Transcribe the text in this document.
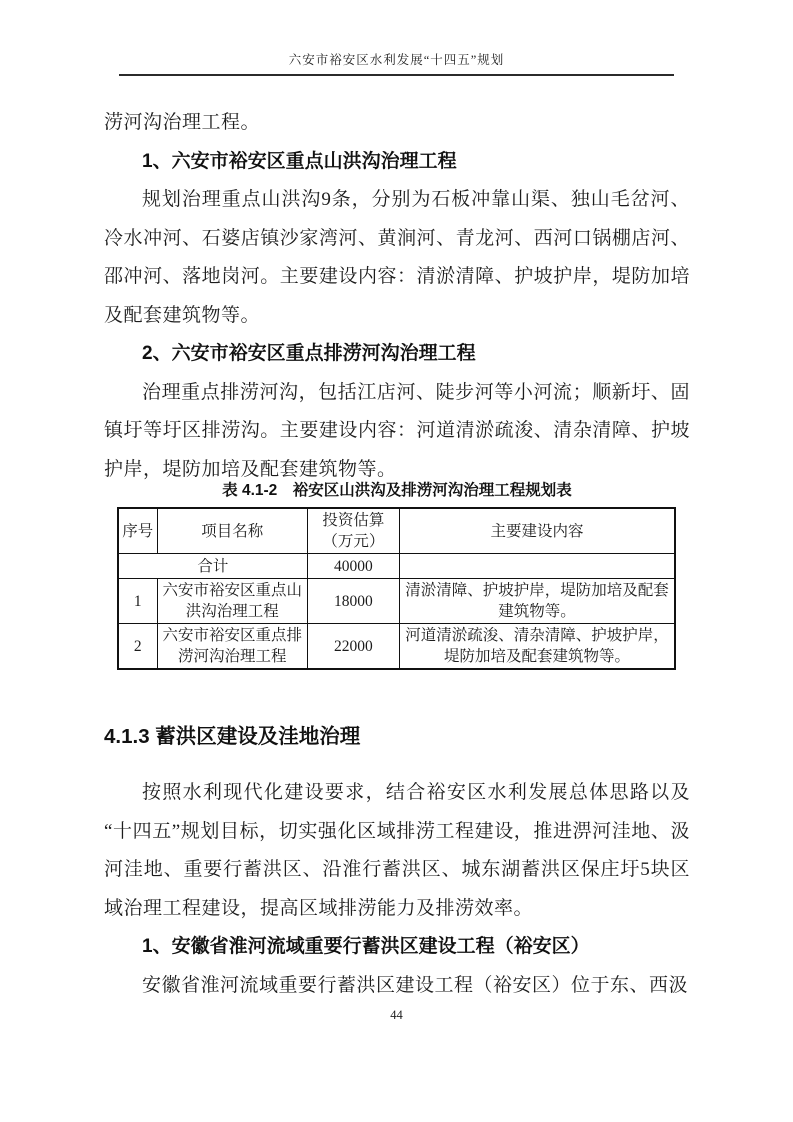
六安市裕安区水利发展“十四五”规划

涝河沟治理工程。

1、六安市裕安区重点山洪沟治理工程

规划治理重点山洪沟9条，分别为石板冲靠山渠、独山毛岔河、冷水冲河、石婆店镇沙家湾河、黄涧河、青龙河、西河口锅棚店河、邵冲河、落地岗河。主要建设内容：清淤清障、护坡护岸，堤防加培及配套建筑物等。

2、六安市裕安区重点排涝河沟治理工程

治理重点排涝河沟，包括江店河、陡步河等小河流；顺新圩、固镇圩等圩区排涝沟。主要建设内容：河道清淤疏浚、清杂清障、护坡护岸，堤防加培及配套建筑物等。

表 4.1-2　裕安区山洪沟及排涝河沟治理工程规划表

序号	项目名称	投资估算（万元）	主要建设内容
合计		40000	
1	六安市裕安区重点山洪沟治理工程	18000	清淤清障、护坡护岸，堤防加培及配套建筑物等。
2	六安市裕安区重点排涝河沟治理工程	22000	河道清淤疏浚、清杂清障、护坡护岸，堤防加培及配套建筑物等。

4.1.3 蓄洪区建设及洼地治理

按照水利现代化建设要求，结合裕安区水利发展总体思路以及“十四五”规划目标，切实强化区域排涝工程建设，推进淠河洼地、汲河洼地、重要行蓄洪区、沿淮行蓄洪区、城东湖蓄洪区保庄圩5块区域治理工程建设，提高区域排涝能力及排涝效率。

1、安徽省淮河流域重要行蓄洪区建设工程（裕安区）

安徽省淮河流域重要行蓄洪区建设工程（裕安区）位于东、西汲

44
